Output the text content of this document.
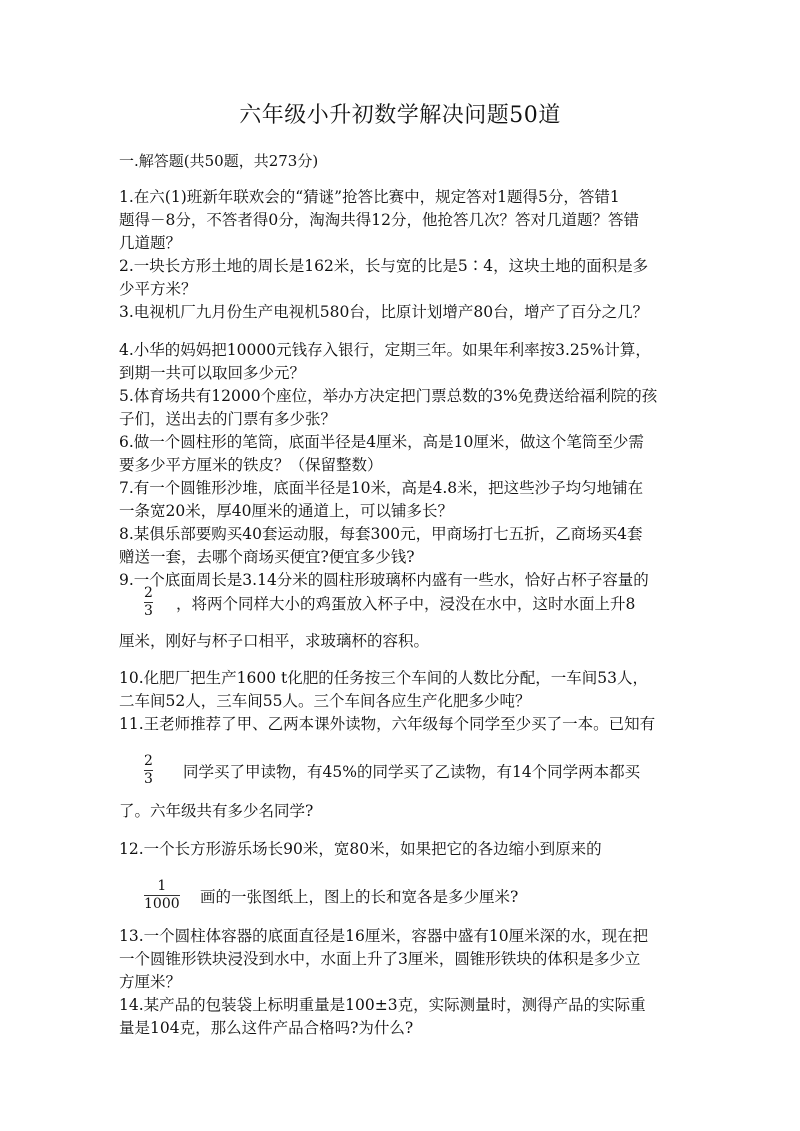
六年级小升初数学解决问题50道
一.解答题(共50题，共273分)
1.在六(1)班新年联欢会的“猜谜”抢答比赛中，规定答对1题得5分，答错1
题得－8分，不答者得0分，淘淘共得12分，他抢答几次？答对几道题？答错
几道题？
2.一块长方形土地的周长是162米，长与宽的比是5∶4，这块土地的面积是多
少平方米？
3.电视机厂九月份生产电视机580台，比原计划增产80台，增产了百分之几？
4.小华的妈妈把10000元钱存入银行，定期三年。如果年利率按3.25%计算，
到期一共可以取回多少元？
5.体育场共有12000个座位，举办方决定把门票总数的3%免费送给福利院的孩
子们，送出去的门票有多少张？
6.做一个圆柱形的笔筒，底面半径是4厘米，高是10厘米，做这个笔筒至少需
要多少平方厘米的铁皮？（保留整数）
7.有一个圆锥形沙堆，底面半径是10米，高是4.8米，把这些沙子均匀地铺在
一条宽20米，厚40厘米的通道上，可以铺多长？
8.某俱乐部要购买40套运动服，每套300元，甲商场打七五折，乙商场买4套
赠送一套，去哪个商场买便宜?便宜多少钱?
9.一个底面周长是3.14分米的圆柱形玻璃杯内盛有一些水，恰好占杯子容量的
2
3 ，将两个同样大小的鸡蛋放入杯子中，浸没在水中，这时水面上升8
厘米，刚好与杯子口相平，求玻璃杯的容积。
10.化肥厂把生产1600 t化肥的任务按三个车间的人数比分配，一车间53人，
二车间52人，三车间55人。三个车间各应生产化肥多少吨？
11.王老师推荐了甲、乙两本课外读物，六年级每个同学至少买了一本。已知有
2
3 同学买了甲读物，有45%的同学买了乙读物，有14个同学两本都买
了。六年级共有多少名同学?
12.一个长方形游乐场长90米，宽80米，如果把它的各边缩小到原来的
1
1000 画的一张图纸上，图上的长和宽各是多少厘米?
13.一个圆柱体容器的底面直径是16厘米，容器中盛有10厘米深的水，现在把
一个圆锥形铁块浸没到水中，水面上升了3厘米，圆锥形铁块的体积是多少立
方厘米？
14.某产品的包装袋上标明重量是100±3克，实际测量时，测得产品的实际重
量是104克，那么这件产品合格吗?为什么?
